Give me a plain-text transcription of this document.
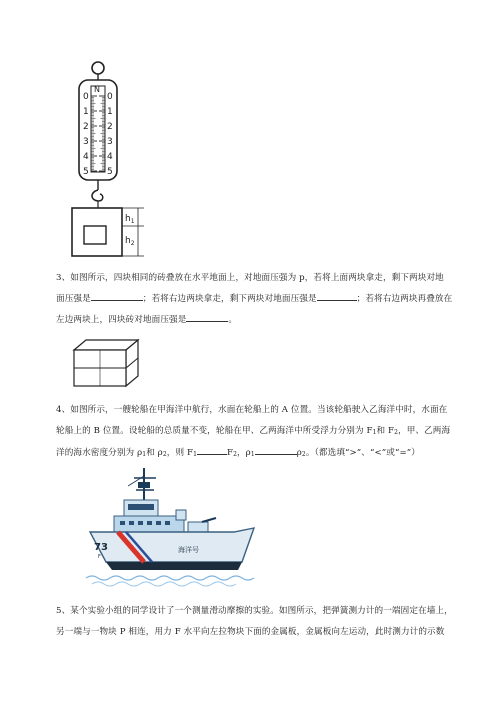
N
0
1
2
3
4
5
0
1
2
3
4
5
$h_1$
$h_2$

3、如图所示，四块相同的砖叠放在水平地面上，对地面压强为 p，若将上面两块拿走，剩下两块对地

面压强是	；若将右边两块拿走，剩下两块对地面压强是	；若将右边两块再叠放在

左边两块上，四块砖对地面压强是	。

4、如图所示，一艘轮船在甲海洋中航行，水面在轮船上的 A 位置。当该轮船驶入乙海洋中时，水面在

轮船上的 B 位置。设轮船的总质量不变，轮船在甲、乙两海洋中所受浮力分别为 F1和 F2，甲、乙两海

洋的海水密度分别为 ρ1和 ρ2，则 F1	F2，ρ1	ρ2。（都选填“>”、“<”或“=”）

73
F
海洋号

5、某个实验小组的同学设计了一个测量滑动摩擦的实验。如图所示，把弹簧测力计的一端固定在墙上，

另一端与一物块 P 相连，用力 F 水平向左拉物块下面的金属板，金属板向左运动，此时测力计的示数
